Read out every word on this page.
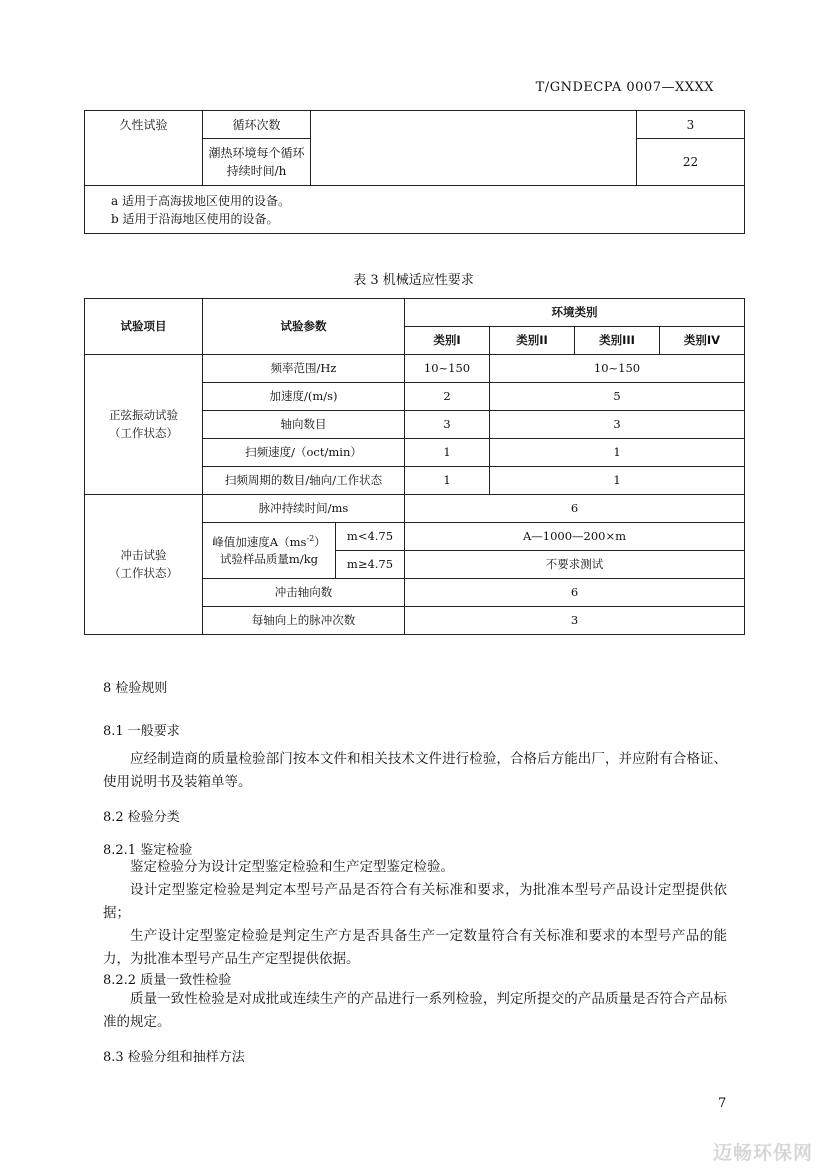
T/GNDECPA 0007—XXXX
久性试验	循环次数		3
	潮热环境每个循环持续时间/h		22

a 适用于高海拔地区使用的设备。
b 适用于沿海地区使用的设备。			
表 3 机械适应性要求
试验项目	试验参数		环境类别			
			类别I	类别II	类别III	类别IV

正弦振动试验
（工作状态）	频率范围/Hz		10~150	10~150		
	加速度/(m/s)		2	5		
	轴向数目		3	3		
	扫频速度/（oct/min）		1	1		
	扫频周期的数目/轴向/工作状态		1	1		

冲击试验
（工作状态）	脉冲持续时间/ms		6			

	峰值加速度$A(ms^{-2})$
试验样品质量m/kg	m<4.75	A—1000—200×m			
		m≥4.75	不要求测试			
	冲击轴向数		6			
	每轴向上的脉冲次数		3			
8 检验规则
8.1 一般要求
应经制造商的质量检验部门按本文件和相关技术文件进行检验，合格后方能出厂，并应附有合格证、使用说明书及装箱单等。
8.2 检验分类
8.2.1 鉴定检验
鉴定检验分为设计定型鉴定检验和生产定型鉴定检验。
设计定型鉴定检验是判定本型号产品是否符合有关标准和要求，为批准本型号产品设计定型提供依据；
生产设计定型鉴定检验是判定生产方是否具备生产一定数量符合有关标准和要求的本型号产品的能力，为批准本型号产品生产定型提供依据。
8.2.2 质量一致性检验
质量一致性检验是对成批或连续生产的产品进行一系列检验，判定所提交的产品质量是否符合产品标准的规定。
8.3 检验分组和抽样方法
7
迈畅环保网
